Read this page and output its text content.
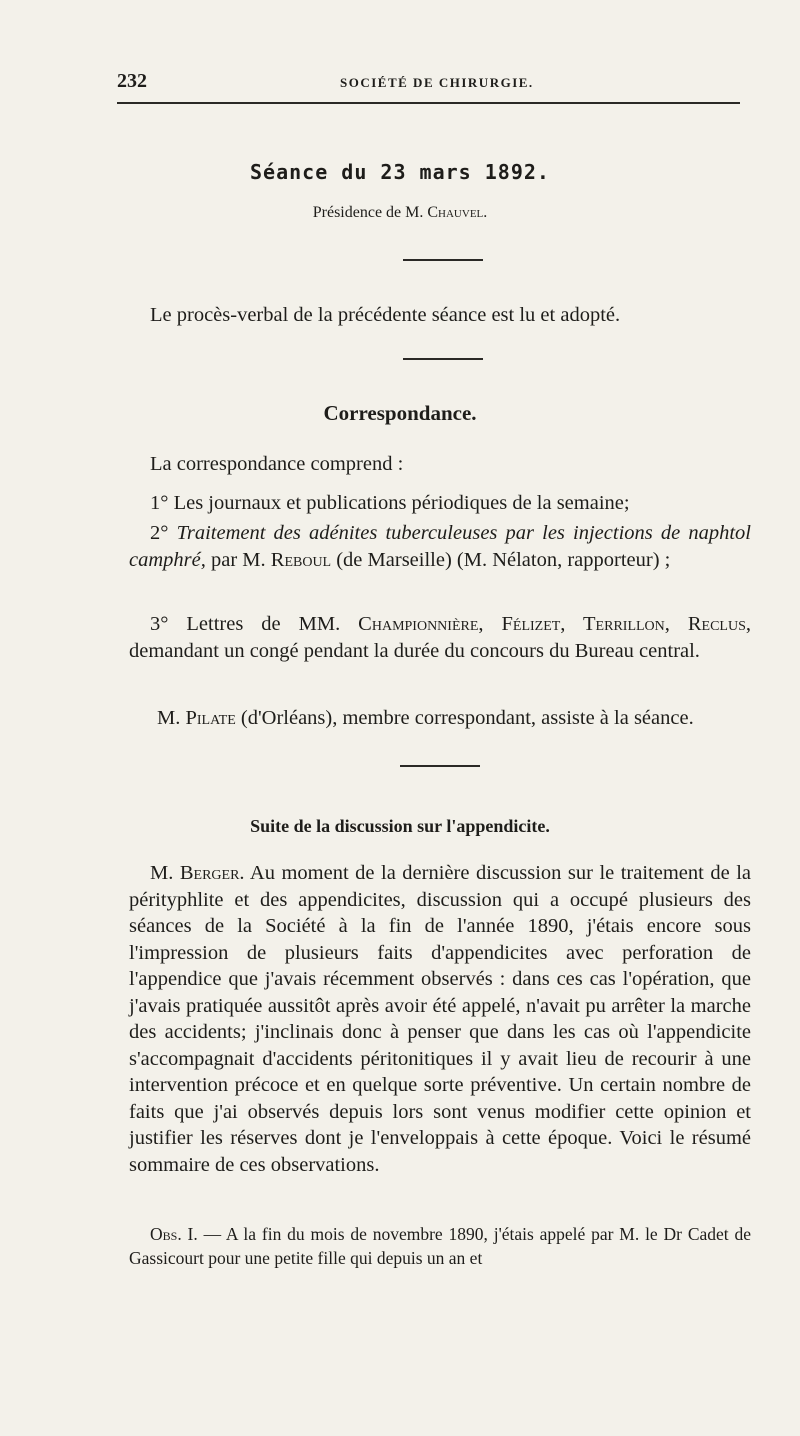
232	SOCIÉTÉ DE CHIRURGIE.
Séance du 23 mars 1892.
Présidence de M. Chauvel.
Le procès-verbal de la précédente séance est lu et adopté.
Correspondance.
La correspondance comprend :
1° Les journaux et publications périodiques de la semaine;
2° Traitement des adénites tuberculeuses par les injections de naphtol camphré, par M. Reboul (de Marseille) (M. Nélaton, rapporteur) ;
3° Lettres de MM. Championnière, Félizet, Terrillon, Reclus, demandant un congé pendant la durée du concours du Bureau central.
M. Pilate (d'Orléans), membre correspondant, assiste à la séance.
Suite de la discussion sur l'appendicite.
M. Berger. Au moment de la dernière discussion sur le traitement de la pérityphlite et des appendicites, discussion qui a occupé plusieurs des séances de la Société à la fin de l'année 1890, j'étais encore sous l'impression de plusieurs faits d'appendicites avec perforation de l'appendice que j'avais récemment observés : dans ces cas l'opération, que j'avais pratiquée aussitôt après avoir été appelé, n'avait pu arrêter la marche des accidents; j'inclinais donc à penser que dans les cas où l'appendicite s'accompagnait d'accidents péritonitiques il y avait lieu de recourir à une intervention précoce et en quelque sorte préventive. Un certain nombre de faits que j'ai observés depuis lors sont venus modifier cette opinion et justifier les réserves dont je l'enveloppais à cette époque. Voici le résumé sommaire de ces observations.
Obs. I. — A la fin du mois de novembre 1890, j'étais appelé par M. le Dr Cadet de Gassicourt pour une petite fille qui depuis un an et
